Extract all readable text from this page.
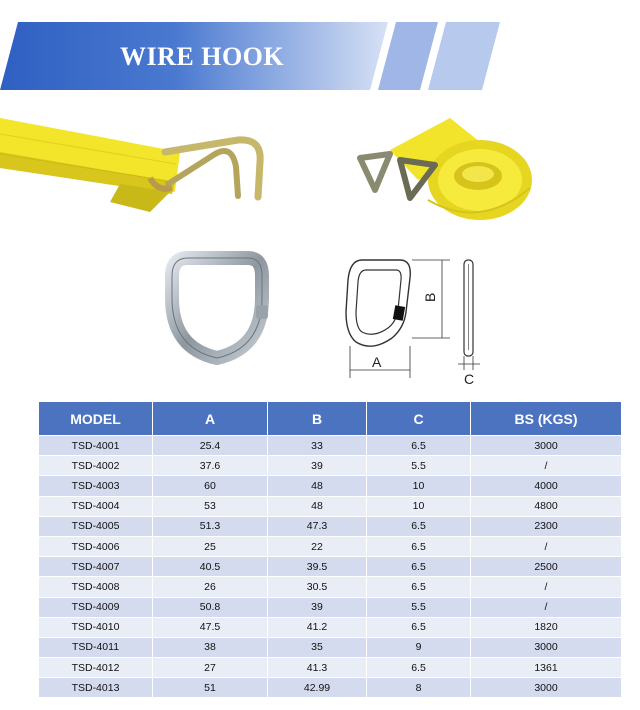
WIRE HOOK
B
A
C
MODEL	A	B	C	BS (KGS)
TSD-4001	25.4	33	6.5	3000
TSD-4002	37.6	39	5.5	/
TSD-4003	60	48	10	4000
TSD-4004	53	48	10	4800
TSD-4005	51.3	47.3	6.5	2300
TSD-4006	25	22	6.5	/
TSD-4007	40.5	39.5	6.5	2500
TSD-4008	26	30.5	6.5	/
TSD-4009	50.8	39	5.5	/
TSD-4010	47.5	41.2	6.5	1820
TSD-4011	38	35	9	3000
TSD-4012	27	41.3	6.5	1361
TSD-4013	51	42.99	8	3000
